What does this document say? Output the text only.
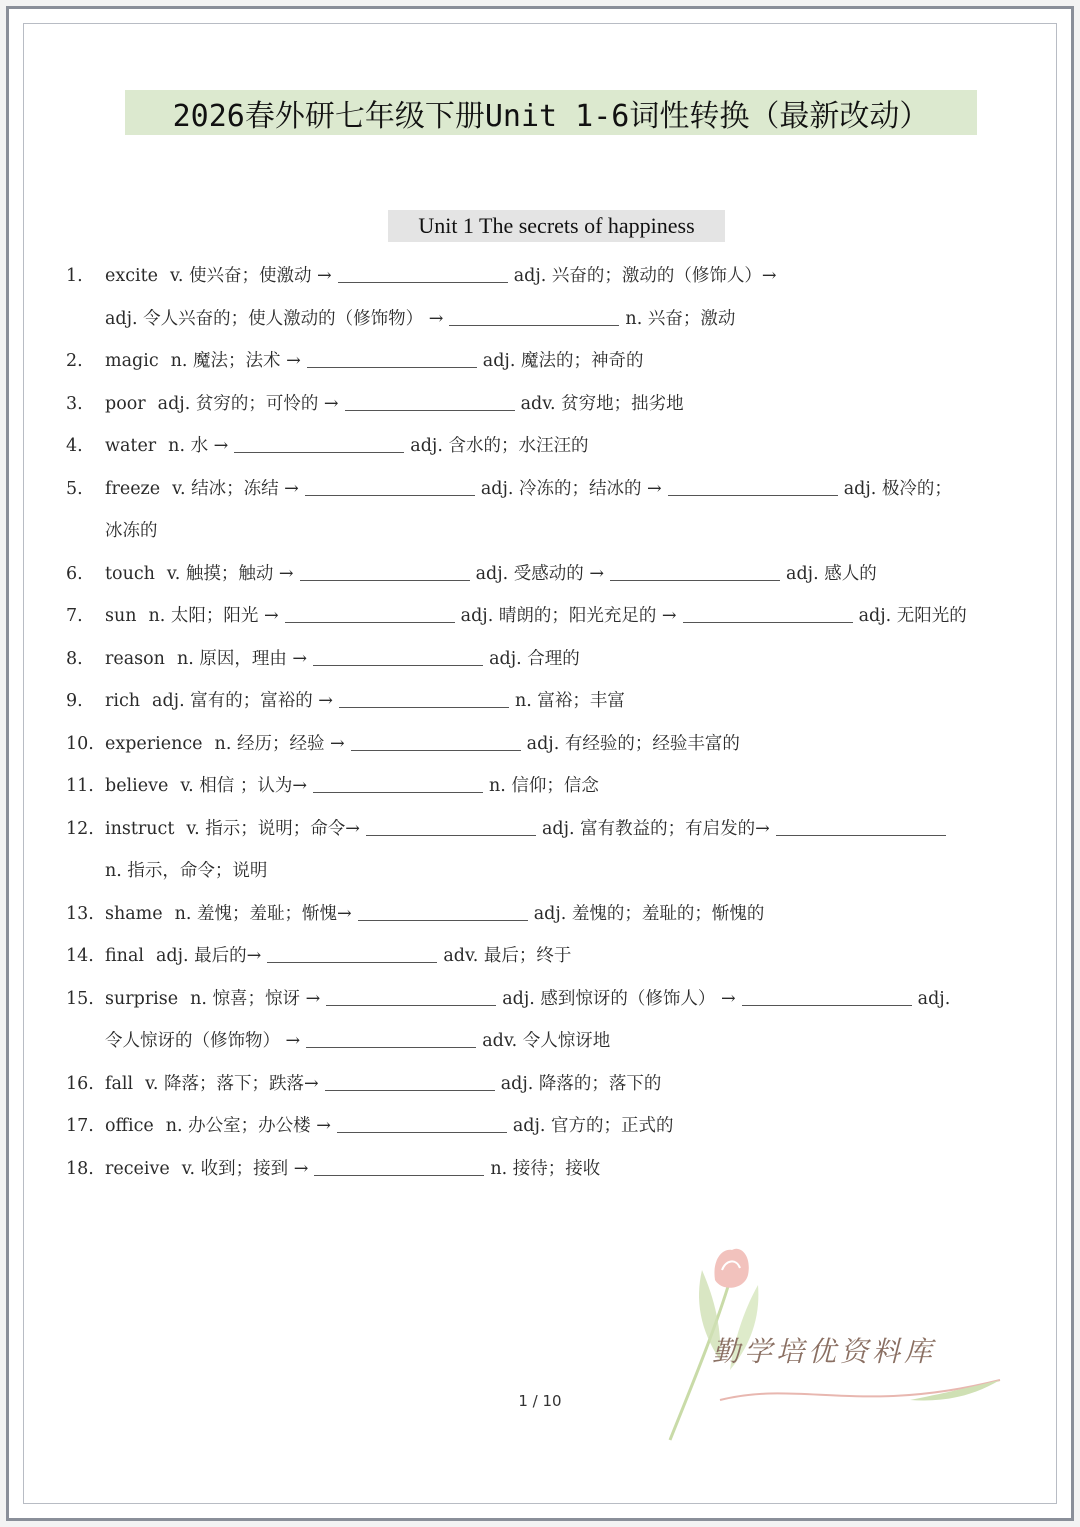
2026春外研七年级下册Unit 1-6词性转换（最新改动）
Unit 1 The secrets of happiness
1. excite v. 使兴奋；使激动 →	adj. 兴奋的；激动的（修饰人）→
adj. 令人兴奋的；使人激动的（修饰物） →	n. 兴奋；激动
2. magic n. 魔法；法术 →	adj. 魔法的；神奇的
3. poor adj. 贫穷的；可怜的 →	adv. 贫穷地；拙劣地
4. water n. 水 →	adj. 含水的；水汪汪的
5. freeze v. 结冰；冻结 →	adj. 冷冻的；结冰的 →	adj. 极冷的；
冰冻的
6. touch v. 触摸；触动 →	adj. 受感动的 →	adj. 感人的
7. sun n. 太阳；阳光 →	adj. 晴朗的；阳光充足的 →	adj. 无阳光的
8. reason n. 原因，理由 →	adj. 合理的
9. rich adj. 富有的；富裕的 →	n. 富裕；丰富
10. experience n. 经历；经验 →	adj. 有经验的；经验丰富的
11. believe v. 相信 ；认为→	n. 信仰；信念
12. instruct v. 指示；说明；命令→	adj. 富有教益的；有启发的→
n. 指示，命令；说明
13. shame n. 羞愧；羞耻；惭愧→	adj. 羞愧的；羞耻的；惭愧的
14. final adj. 最后的→	adv. 最后；终于
15. surprise n. 惊喜；惊讶 →	adj. 感到惊讶的（修饰人） →	adj.
令人惊讶的（修饰物） →	adv. 令人惊讶地
16. fall v. 降落；落下；跌落→	adj. 降落的；落下的
17. office n. 办公室；办公楼 →	adj. 官方的；正式的
18. receive v. 收到；接到 →	n. 接待；接收
勤学培优资料库
1 / 10
